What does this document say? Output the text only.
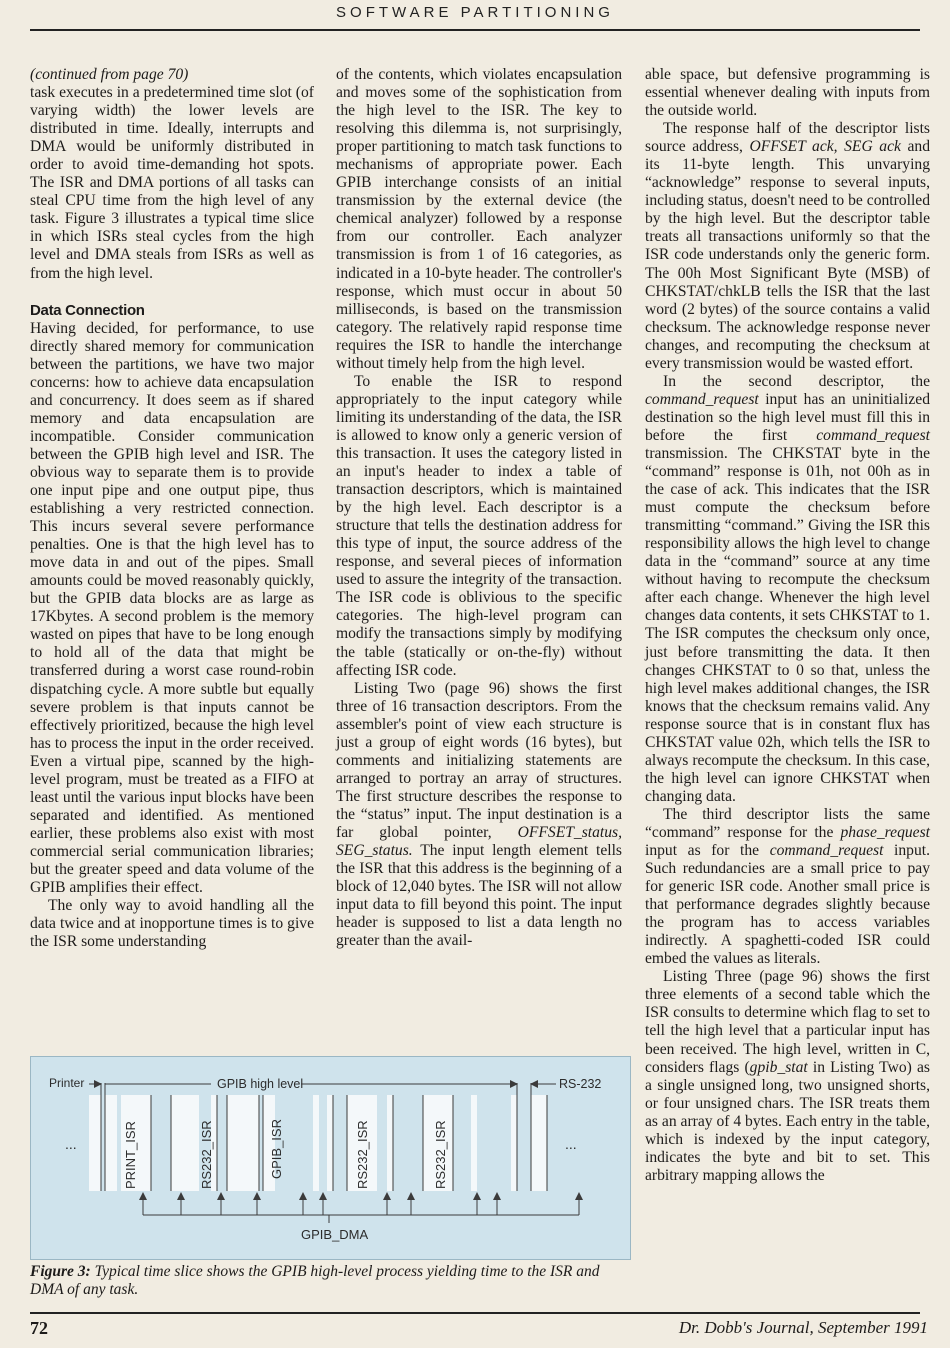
SOFTWARE PARTITIONING

(continued from page 70)

task executes in a predetermined time slot (of varying width) the lower levels are distributed in time. Ideally, interrupts and DMA would be uniformly distributed in order to avoid time-demanding hot spots. The ISR and DMA portions of all tasks can steal CPU time from the high level of any task. Figure 3 illustrates a typical time slice in which ISRs steal cycles from the high level and DMA steals from ISRs as well as from the high level.

Data Connection

Having decided, for performance, to use directly shared memory for communication between the partitions, we have two major concerns: how to achieve data encapsulation and concurrency. It does seem as if shared memory and data encapsulation are incompatible. Consider communication between the GPIB high level and ISR. The obvious way to separate them is to provide one input pipe and one output pipe, thus establishing a very restricted connection. This incurs several severe performance penalties. One is that the high level has to move data in and out of the pipes. Small amounts could be moved reasonably quickly, but the GPIB data blocks are as large as 17Kbytes. A second problem is the memory wasted on pipes that have to be long enough to hold all of the data that might be transferred during a worst case round-robin dispatching cycle. A more subtle but equally severe problem is that inputs cannot be effectively prioritized, because the high level has to process the input in the order received. Even a virtual pipe, scanned by the high-level program, must be treated as a FIFO at least until the various input blocks have been separated and identified. As mentioned earlier, these problems also exist with most commercial serial communication libraries; but the greater speed and data volume of the GPIB amplifies their effect.

The only way to avoid handling all the data twice and at inopportune times is to give the ISR some understanding

of the contents, which violates encapsulation and moves some of the sophistication from the high level to the ISR. The key to resolving this dilemma is, not surprisingly, proper partitioning to match task functions to mechanisms of appropriate power. Each GPIB interchange consists of an initial transmission by the external device (the chemical analyzer) followed by a response from our controller. Each analyzer transmission is from 1 of 16 categories, as indicated in a 10-byte header. The controller's response, which must occur in about 50 milliseconds, is based on the transmission category. The relatively rapid response time requires the ISR to handle the interchange without timely help from the high level.

To enable the ISR to respond appropriately to the input category while limiting its understanding of the data, the ISR is allowed to know only a generic version of this transaction. It uses the category listed in an input's header to index a table of transaction descriptors, which is maintained by the high level. Each descriptor is a structure that tells the destination address for this type of input, the source address of the response, and several pieces of information used to assure the integrity of the transaction. The ISR code is oblivious to the specific categories. The high-level program can modify the transactions simply by modifying the table (statically or on-the-fly) without affecting ISR code.

Listing Two (page 96) shows the first three of 16 transaction descriptors. From the assembler's point of view each structure is just a group of eight words (16 bytes), but comments and initializing statements are arranged to portray an array of structures. The first structure describes the response to the “status” input. The input destination is a far global pointer, OFFSET_status, SEG_status. The input length element tells the ISR that this address is the beginning of a block of 12,040 bytes. The ISR will not allow input data to fill beyond this point. The input header is supposed to list a data length no greater than the avail-

able space, but defensive programming is essential whenever dealing with inputs from the outside world.

The response half of the descriptor lists source address, OFFSET ack, SEG ack and its 11-byte length. This unvarying “acknowledge” response to several inputs, including status, doesn't need to be controlled by the high level. But the descriptor table treats all transactions uniformly so that the ISR code understands only the generic form. The 00h Most Significant Byte (MSB) of CHKSTAT/chkLB tells the ISR that the last word (2 bytes) of the source contains a valid checksum. The acknowledge response never changes, and recomputing the checksum at every transmission would be wasted effort.

In the second descriptor, the command_request input has an uninitialized destination so the high level must fill this in before the first command_request transmission. The CHKSTAT byte in the “command” response is 01h, not 00h as in the case of ack. This indicates that the ISR must compute the checksum before transmitting “command.” Giving the ISR this responsibility allows the high level to change data in the “command” source at any time without having to recompute the checksum after each change. Whenever the high level changes data contents, it sets CHKSTAT to 1. The ISR computes the checksum only once, just before transmitting the data. It then changes CHKSTAT to 0 so that, unless the high level makes additional changes, the ISR knows that the checksum remains valid. Any response source that is in constant flux has CHKSTAT value 02h, which tells the ISR to always recompute the checksum. In this case, the high level can ignore CHKSTAT when changing data.

The third descriptor lists the same “command” response for the phase_request input as for the command_request input. Such redundancies are a small price to pay for generic ISR code. Another small price is that performance degrades slightly because the program has to access variables indirectly. A spaghetti-coded ISR could embed the values as literals.

Listing Three (page 96) shows the first three elements of a second table which the ISR consults to determine which flag to set to tell the high level that a particular input has been received. The high level, written in C, considers flags (gpib_stat in Listing Two) as a single unsigned long, two unsigned shorts, or four unsigned chars. The ISR treats them as an array of 4 bytes. Each entry in the table, which is indexed by the input category, indicates the byte and bit to set. This arbitrary mapping allows the

Printer	GPIB high level	RS-232
...	...
PRINT_ISR	RS232_ISR	GPIB_ISR	RS232_ISR	RS232_ISR
GPIB_DMA
Figure 3: Typical time slice shows the GPIB high-level process yielding time to the ISR and DMA of any task.
72	Dr. Dobb's Journal, September 1991
